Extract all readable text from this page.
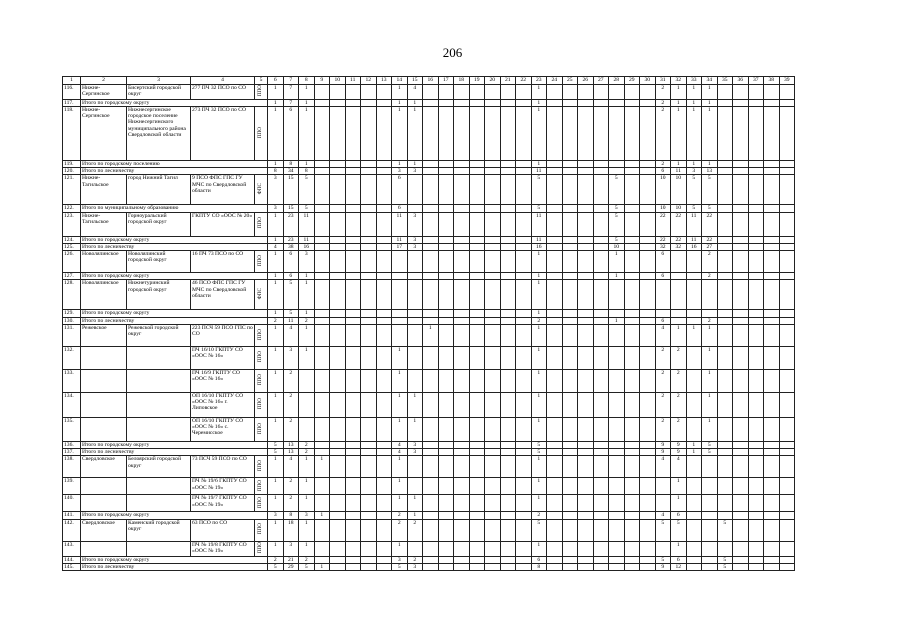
206
1	2	3	4	5	6	7	8	9	10	11	12	13	14	15	16	17	18	19	20	21	22	23	24	25	26	27	28	29	30	31	32	33	34	35	36	37	38	39
116.	Нижне-Сергинское	Бисертский городской округ	277 ПЧ 32 ПСО по СО	ППО	1	7	1						1	4								1								2	1	1	1					
117.	Итого по городскому округу				1	7	1						1	1								1								2	1	1	1					
118.	Нижне-Сергинское	Нижнесергинское городское поселение Нижнесергинского муниципального района Свердловской области	273 ПЧ 32 ПСО по СО	ППО	1	6	1						1	1								1								2	1	1	1					
119.	Итого по городскому поселению				1	8	1						1	1								1								2	1	1	1					
120.	Итого по лесничеству				8	34	8						3	3								11								6	11	3	13					
121.	Нижне-Тагильское	город Нижний Тагил	9 ПСО ФПС ГПС ГУ МЧС по Свердловской области	ФПС	3	15	5						6									5					5			10	10	5	5					
122.	Итого по муниципальному образованию				3	15	5						6									5					5			10	10	5	5					
123.	Нижне-Тагильское	Горноуральский городской округ	ГКПТУ СО «ООС № 20»	ППО	1	23	11						11	3								11					5			22	22	11	22					
124.	Итого по городскому округу				1	23	11						11	3								11					5			22	22	11	22					
125.	Итого по лесничеству				4	38	16						17	3								16					10			32	32	16	27					
126.	Новолялинское	Новолялинский городской округ	16 ПЧ 73 ПСО по СО	ППО	1	6	3															1					1			6			2					
127.	Итого по городскому округу				1	6	1															1					1			6			2					
128.	Новолялинское	Нижнетуринский городской округ	46 ПСО ФПС ГПС ГУ МЧС по Свердловской области	ФПС	1	5	1															1																
129.	Итого по городскому округу				1	5	1															1																
130.	Итого по лесничеству				2	11	2															2					1			6			2					
131.	Режевское	Режевской городской округ	223 ПСЧ 59 ПСО ГПС по СО	ППО	1	4	1								1							1								4	1	1	1					
132.			ПЧ 16/10 ГКПТУ СО «ООС № 16»	ППО	1	3	1						1									1								2	2		1					
133.			ПЧ 16/9 ГКПТУ СО «ООС № 16»	ППО	1	2							1									1								2	2		1					
134.			ОП 16/10 ГКПТУ СО «ООС № 16» г. Липовское	ППО	1	2							1	1								1								2	2		1					
135.			ОП 16/10 ГКПТУ СО «ООС № 16» с. Черемисское	ППО	1	2							1	1								1								2	2		1					
136.	Итого по городскому округу				5	13	2						4	3								5								9	9	1	5					
137.	Итого по лесничеству				5	13	2						4	3								5								9	9	1	5					
138.	Свердловское	Белоярский городской округ	73 ПСЧ 59 ПСО по СО	ППО	1	4	1	1					1									1								4	4							
139.			ПЧ № 19/6 ГКПТУ СО «ООС № 19»	ППО	1	2	1						1									1									1							
140.			ПЧ № 19/7 ГКПТУ СО «ООС № 19»	ППО	1	2	1						1	1								1									1							
141.	Итого по городскому округу				3	8	3	1					2	1								2								4	6							
142.	Свердловское	Каменский городской округ	63 ПСО по СО	ППО	1	18	1						2	2								5								5	5			5				
143.			ПЧ № 19/8 ГКПТУ СО «ООС № 19»	ППО	1	3	1						1									1									1							
144.	Итого по городскому округу				2	21	2						3	2								6								5	6			5				
145.	Итого по лесничеству				5	29	5	1					5	3								8								9	12			5				
